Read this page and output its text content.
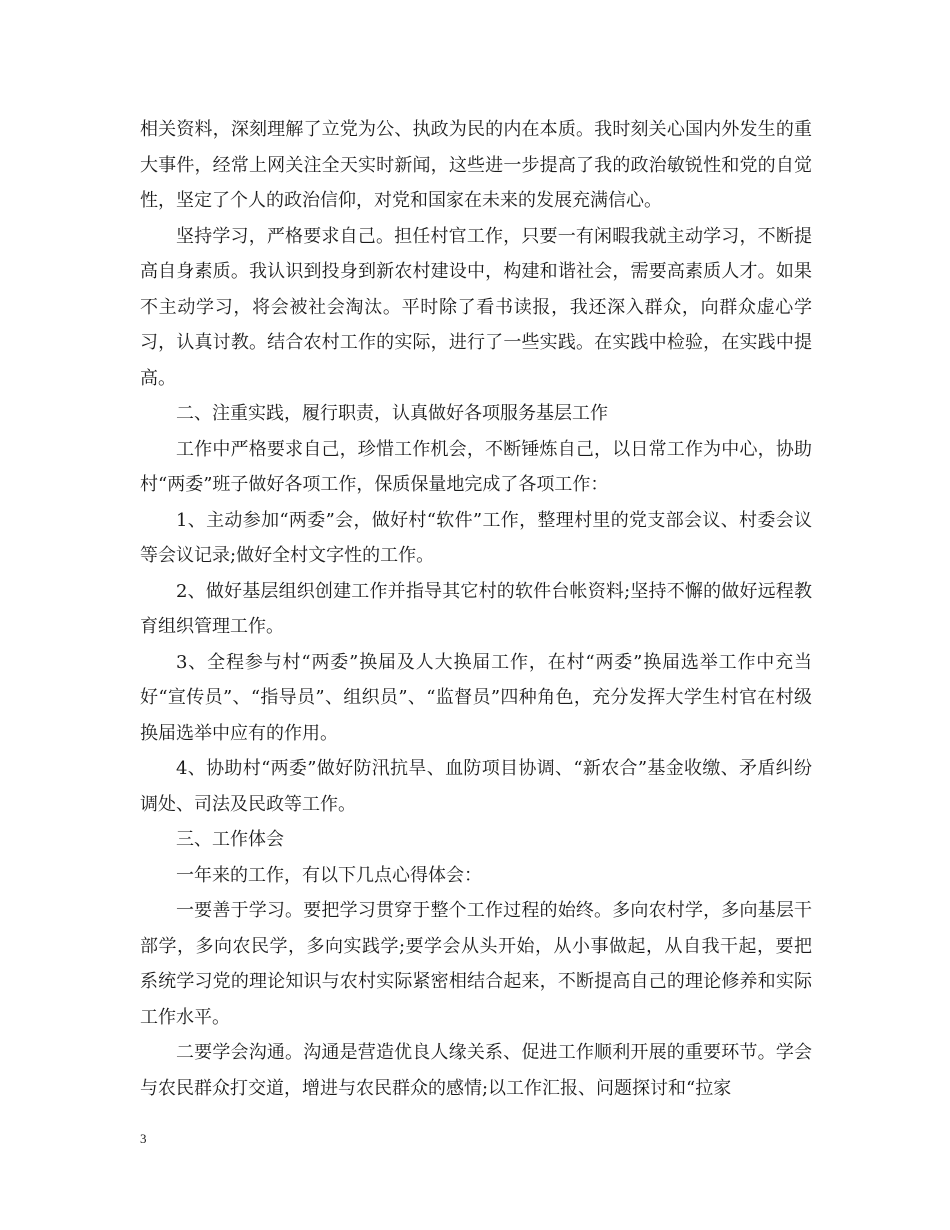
相关资料，深刻理解了立党为公、执政为民的内在本质。我时刻关心国内外发生的重大事件，经常上网关注全天实时新闻，这些进一步提高了我的政治敏锐性和党的自觉性，坚定了个人的政治信仰，对党和国家在未来的发展充满信心。

坚持学习，严格要求自己。担任村官工作，只要一有闲暇我就主动学习，不断提高自身素质。我认识到投身到新农村建设中，构建和谐社会，需要高素质人才。如果不主动学习，将会被社会淘汰。平时除了看书读报，我还深入群众，向群众虚心学习，认真讨教。结合农村工作的实际，进行了一些实践。在实践中检验，在实践中提高。

二、注重实践，履行职责，认真做好各项服务基层工作

工作中严格要求自己，珍惜工作机会，不断锤炼自己，以日常工作为中心，协助村“两委”班子做好各项工作，保质保量地完成了各项工作：

1、主动参加“两委”会，做好村“软件”工作，整理村里的党支部会议、村委会议等会议记录;做好全村文字性的工作。

2、做好基层组织创建工作并指导其它村的软件台帐资料;坚持不懈的做好远程教育组织管理工作。

3、全程参与村“两委”换届及人大换届工作，在村“两委”换届选举工作中充当好“宣传员”、“指导员”、组织员”、“监督员”四种角色，充分发挥大学生村官在村级换届选举中应有的作用。

4、协助村“两委”做好防汛抗旱、血防项目协调、“新农合”基金收缴、矛盾纠纷调处、司法及民政等工作。

三、工作体会

一年来的工作，有以下几点心得体会：

一要善于学习。要把学习贯穿于整个工作过程的始终。多向农村学，多向基层干部学，多向农民学，多向实践学;要学会从头开始，从小事做起，从自我干起，要把系统学习党的理论知识与农村实际紧密相结合起来，不断提高自己的理论修养和实际工作水平。

二要学会沟通。沟通是营造优良人缘关系、促进工作顺利开展的重要环节。学会与农民群众打交道，增进与农民群众的感情;以工作汇报、问题探讨和“拉家

3
